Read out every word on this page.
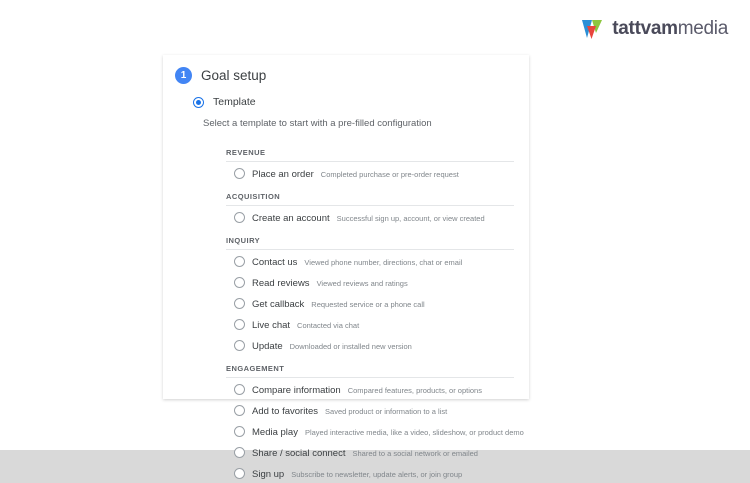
tattvammedia
1	Goal setup
Template
Select a template to start with a pre-filled configuration
REVENUE
Place an order Completed purchase or pre-order request
ACQUISITION
Create an account Successful sign up, account, or view created
INQUIRY
Contact us Viewed phone number, directions, chat or email
Read reviews Viewed reviews and ratings
Get callback Requested service or a phone call
Live chat Contacted via chat
Update Downloaded or installed new version
ENGAGEMENT
Compare information Compared features, products, or options
Add to favorites Saved product or information to a list
Media play Played interactive media, like a video, slideshow, or product demo
Share / social connect Shared to a social network or emailed
Sign up Subscribe to newsletter, update alerts, or join group
